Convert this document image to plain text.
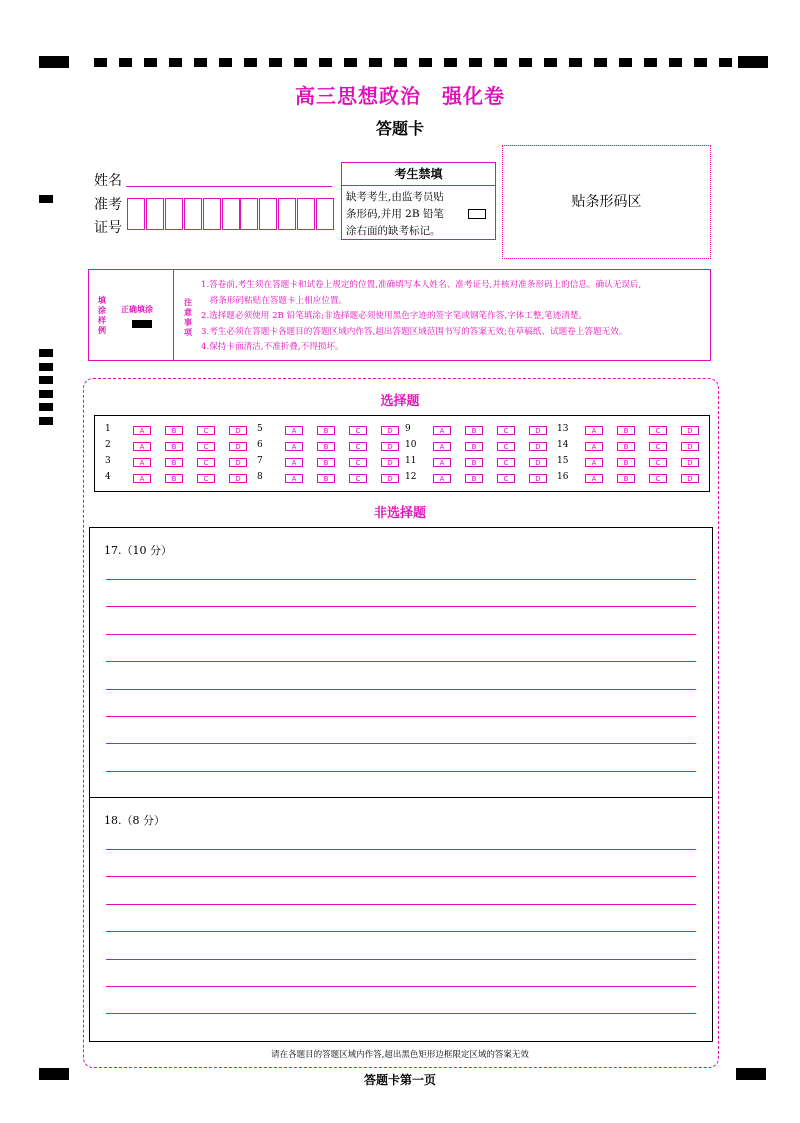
高三思想政治　强化卷
答题卡
姓名
准考
证号
考生禁填
缺考考生,由监考员贴
条形码,并用 2B 铅笔
涂右面的缺考标记。
贴条形码区
填涂样例
正确填涂
注意事项
1.答卷前,考生须在答题卡和试卷上规定的位置,准确填写本人姓名、准考证号,并核对准条形码上的信息。确认无误后,
　将条形码粘贴在答题卡上相应位置。
2.选择题必须使用 2B 铅笔填涂;非选择题必须使用黑色字迹的签字笔或钢笔作答,字体工整,笔迹清楚。
3.考生必须在答题卡各题目的答题区域内作答,超出答题区域范围书写的答案无效;在草稿纸、试题卷上答题无效。
4.保持卡面清洁,不准折叠,不得损坏。
选择题
1	A	B	C	D
2	A	B	C	D
3	A	B	C	D
4	A	B	C	D
5	A	B	C	D
6	A	B	C	D
7	A	B	C	D
8	A	B	C	D
9	A	B	C	D
10	A	B	C	D
11	A	B	C	D
12	A	B	C	D
13	A	B	C	D
14	A	B	C	D
15	A	B	C	D
16	A	B	C	D
非选择题
17.（10 分）
18.（8 分）
请在各题目的答题区域内作答,超出黑色矩形边框限定区域的答案无效
答题卡第一页
